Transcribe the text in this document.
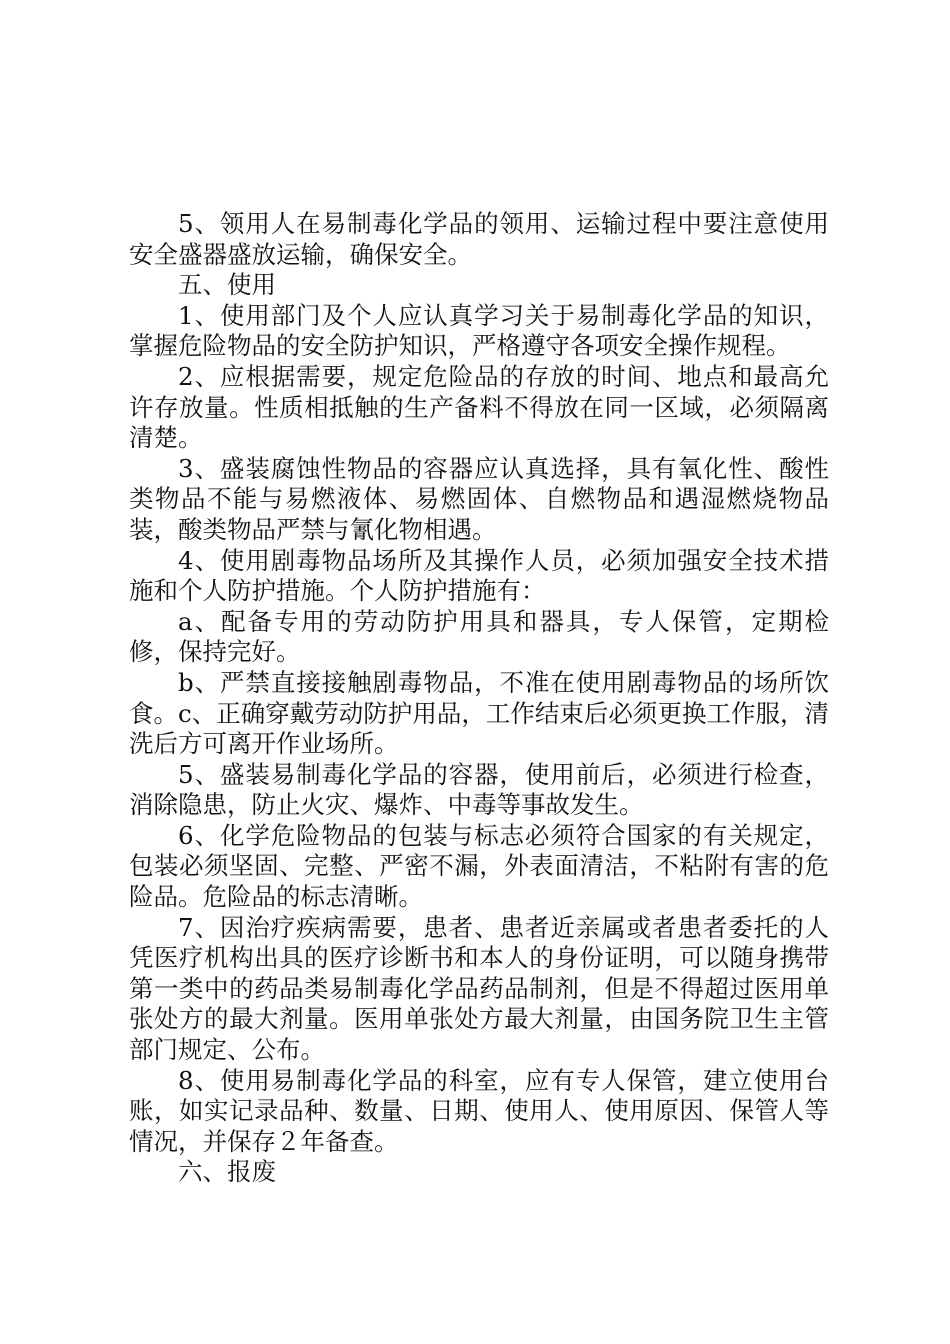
5、领用人在易制毒化学品的领用、运输过程中要注意使用安全盛器盛放运输，确保安全。

五、使用

1、使用部门及个人应认真学习关于易制毒化学品的知识，掌握危险物品的安全防护知识，严格遵守各项安全操作规程。

2、应根据需要，规定危险品的存放的时间、地点和最高允许存放量。性质相抵触的生产备料不得放在同一区域，必须隔离清楚。

3、盛装腐蚀性物品的容器应认真选择，具有氧化性、酸性类物品不能与易燃液体、易燃固体、自燃物品和遇湿燃烧物品装，酸类物品严禁与氰化物相遇。

4、使用剧毒物品场所及其操作人员，必须加强安全技术措施和个人防护措施。个人防护措施有：

a、配备专用的劳动防护用具和器具，专人保管，定期检修，保持完好。

b、严禁直接接触剧毒物品，不准在使用剧毒物品的场所饮食。c、正确穿戴劳动防护用品，工作结束后必须更换工作服，清洗后方可离开作业场所。

5、盛装易制毒化学品的容器，使用前后，必须进行检查，消除隐患，防止火灾、爆炸、中毒等事故发生。

6、化学危险物品的包装与标志必须符合国家的有关规定，包装必须坚固、完整、严密不漏，外表面清洁，不粘附有害的危险品。危险品的标志清晰。

7、因治疗疾病需要，患者、患者近亲属或者患者委托的人凭医疗机构出具的医疗诊断书和本人的身份证明，可以随身携带第一类中的药品类易制毒化学品药品制剂，但是不得超过医用单张处方的最大剂量。医用单张处方最大剂量，由国务院卫生主管部门规定、公布。

8、使用易制毒化学品的科室，应有专人保管，建立使用台账，如实记录品种、数量、日期、使用人、使用原因、保管人等情况，并保存２年备查。

六、报废
